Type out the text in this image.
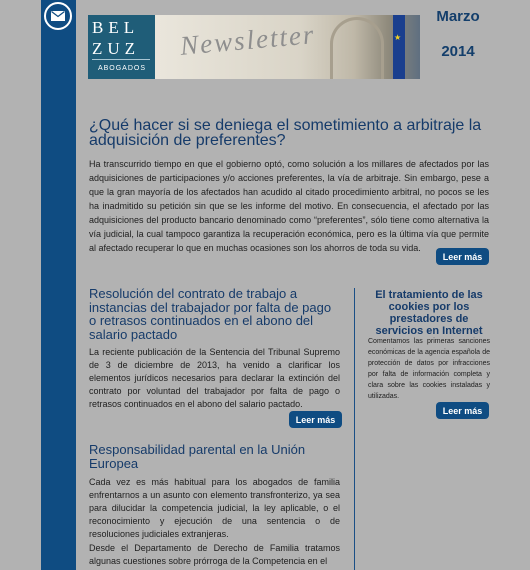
★
Newsletter
BEL
ZUZ
ABOGADOS
Marzo
2014
¿Qué hacer si se deniega el sometimiento a arbitraje la adquisición de preferentes?
Ha transcurrido tiempo en que el gobierno optó, como solución a los millares de afectados por las adquisiciones de participaciones y/o acciones preferentes, la vía de arbitraje. Sin embargo, pese a que la gran mayoría de los afectados han acudido al citado procedimiento arbitral, no pocos se les ha inadmitido su petición sin que se les informe del motivo. En consecuencia, el afectado por las adquisiciones del producto bancario denominado como “preferentes”, sólo tiene como alternativa la vía judicial, la cual tampoco garantiza la recuperación económica, pero es la última vía que permite al afectado recuperar lo que en muchas ocasiones son los ahorros de toda su vida.
Leer más
Resolución del contrato de trabajo a instancias del trabajador por falta de pago o retrasos continuados en el abono del salario pactado
La reciente publicación de la Sentencia del Tribunal Supremo de 3 de diciembre de 2013, ha venido a clarificar los elementos jurídicos necesarios para declarar la extinción del contrato por voluntad del trabajador por falta de pago o retrasos continuados en el abono del salario pactado.
Leer más
Responsabilidad parental en la Unión Europea
Cada vez es más habitual para los abogados de familia enfrentarnos a un asunto con elemento transfronterizo, ya sea para dilucidar la competencia judicial, la ley aplicable, o el reconocimiento y ejecución de una sentencia o de resoluciones judiciales extranjeras.
Desde el Departamento de Derecho de Familia tratamos algunas cuestiones sobre prórroga de la Competencia en el
El tratamiento de las cookies por los prestadores de servicios en Internet
Comentamos las primeras sanciones económicas de la agencia española de protección de datos por infracciones por falta de información completa y clara sobre las cookies instaladas y utilizadas.
Leer más
